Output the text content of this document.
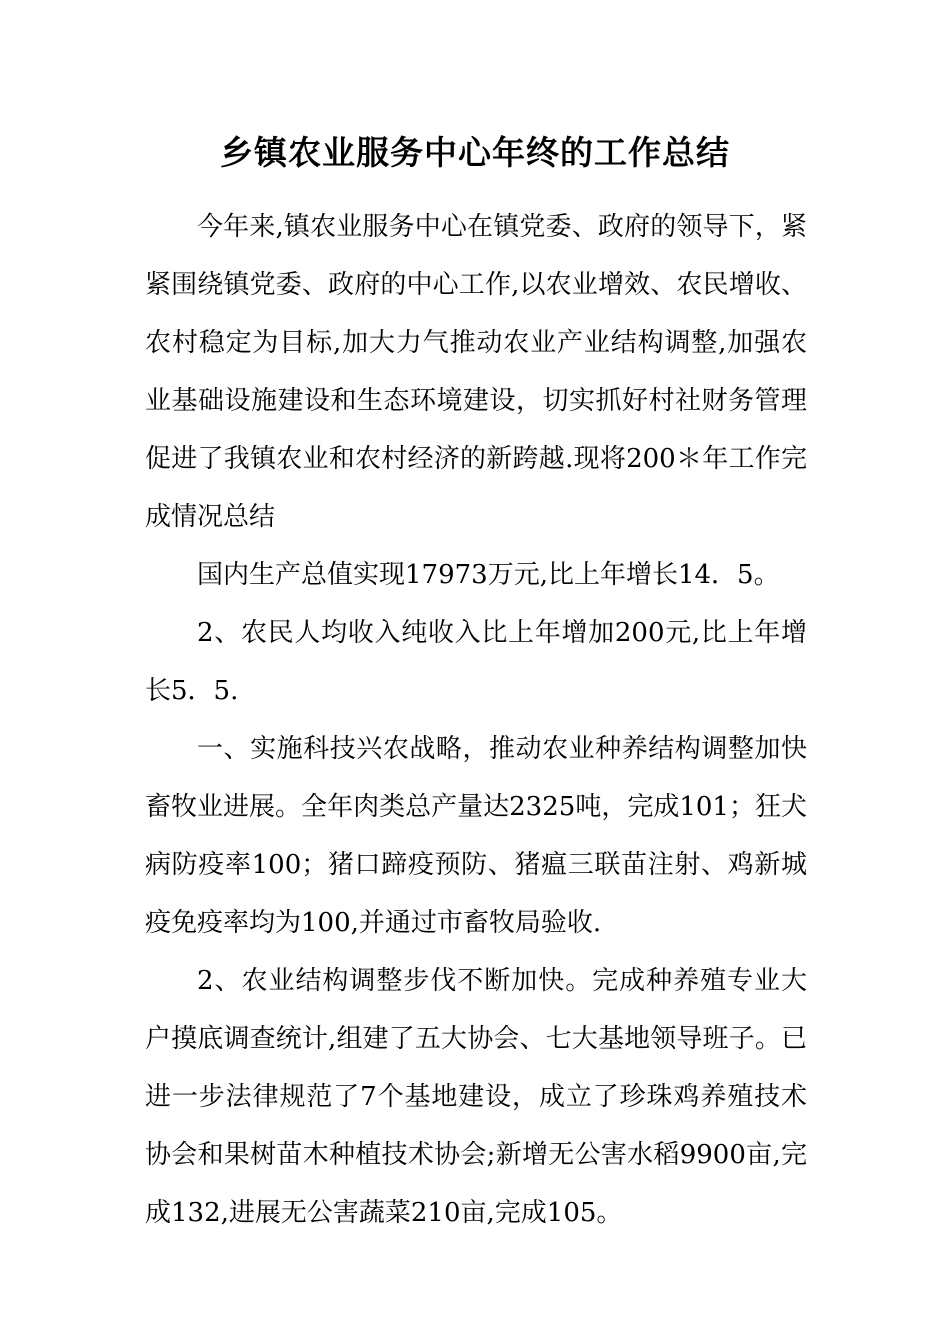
乡镇农业服务中心年终的工作总结

今年来,镇农业服务中心在镇党委、政府的领导下，紧紧围绕镇党委、政府的中心工作,以农业增效、农民增收、农村稳定为目标,加大力气推动农业产业结构调整,加强农业基础设施建设和生态环境建设，切实抓好村社财务管理促进了我镇农业和农村经济的新跨越.现将200＊年工作完成情况总结

国内生产总值实现17973万元,比上年增长14．5。

2、农民人均收入纯收入比上年增加200元,比上年增长5．5.

一、实施科技兴农战略，推动农业种养结构调整加快畜牧业进展。全年肉类总产量达2325吨，完成101；狂犬病防疫率100；猪口蹄疫预防、猪瘟三联苗注射、鸡新城疫免疫率均为100,并通过市畜牧局验收.

2、农业结构调整步伐不断加快。完成种养殖专业大户摸底调查统计,组建了五大协会、七大基地领导班子。已进一步法律规范了7个基地建设，成立了珍珠鸡养殖技术协会和果树苗木种植技术协会;新增无公害水稻9900亩,完成132,进展无公害蔬菜210亩,完成105。
